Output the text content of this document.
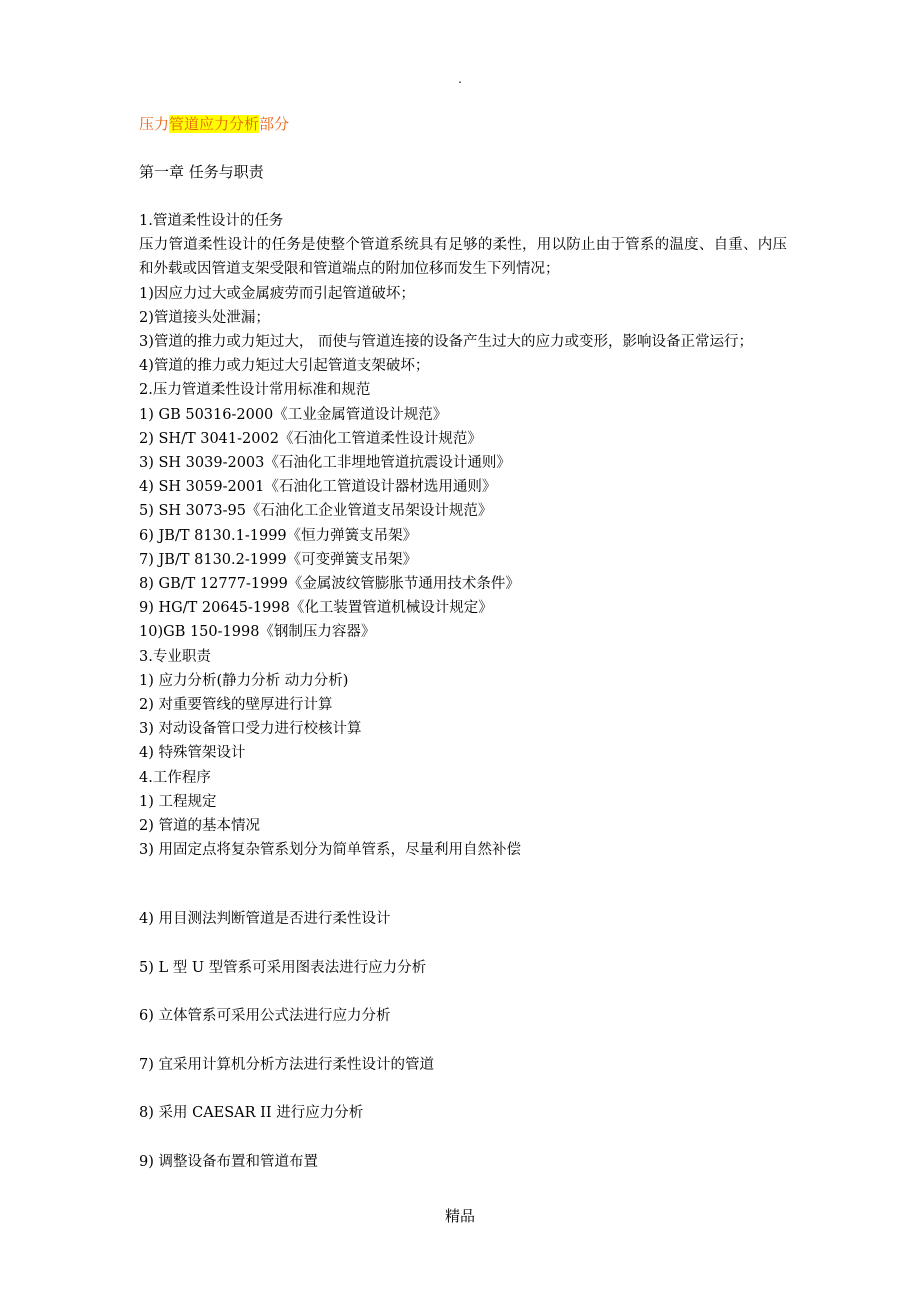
.
压力管道应力分析部分
第一章 任务与职责
1.管道柔性设计的任务
压力管道柔性设计的任务是使整个管道系统具有足够的柔性，用以防止由于管系的温度、自重、内压和外载或因管道支架受限和管道端点的附加位移而发生下列情况；
1)因应力过大或金属疲劳而引起管道破坏；
2)管道接头处泄漏；
3)管道的推力或力矩过大， 而使与管道连接的设备产生过大的应力或变形，影响设备正常运行；
4)管道的推力或力矩过大引起管道支架破坏；
2.压力管道柔性设计常用标准和规范
1) GB 50316-2000《工业金属管道设计规范》
2) SH/T 3041-2002《石油化工管道柔性设计规范》
3) SH 3039-2003《石油化工非埋地管道抗震设计通则》
4) SH 3059-2001《石油化工管道设计器材选用通则》
5) SH 3073-95《石油化工企业管道支吊架设计规范》
6) JB/T 8130.1-1999《恒力弹簧支吊架》
7) JB/T 8130.2-1999《可变弹簧支吊架》
8) GB/T 12777-1999《金属波纹管膨胀节通用技术条件》
9) HG/T 20645-1998《化工装置管道机械设计规定》
10)GB 150-1998《钢制压力容器》
3.专业职责
1) 应力分析(静力分析 动力分析)
2) 对重要管线的壁厚进行计算
3) 对动设备管口受力进行校核计算
4) 特殊管架设计
4.工作程序
1) 工程规定
2) 管道的基本情况
3) 用固定点将复杂管系划分为简单管系，尽量利用自然补偿
4) 用目测法判断管道是否进行柔性设计
5) L 型 U 型管系可采用图表法进行应力分析
6) 立体管系可采用公式法进行应力分析
7) 宜采用计算机分析方法进行柔性设计的管道
8) 采用 CAESAR II 进行应力分析
9) 调整设备布置和管道布置
精品
